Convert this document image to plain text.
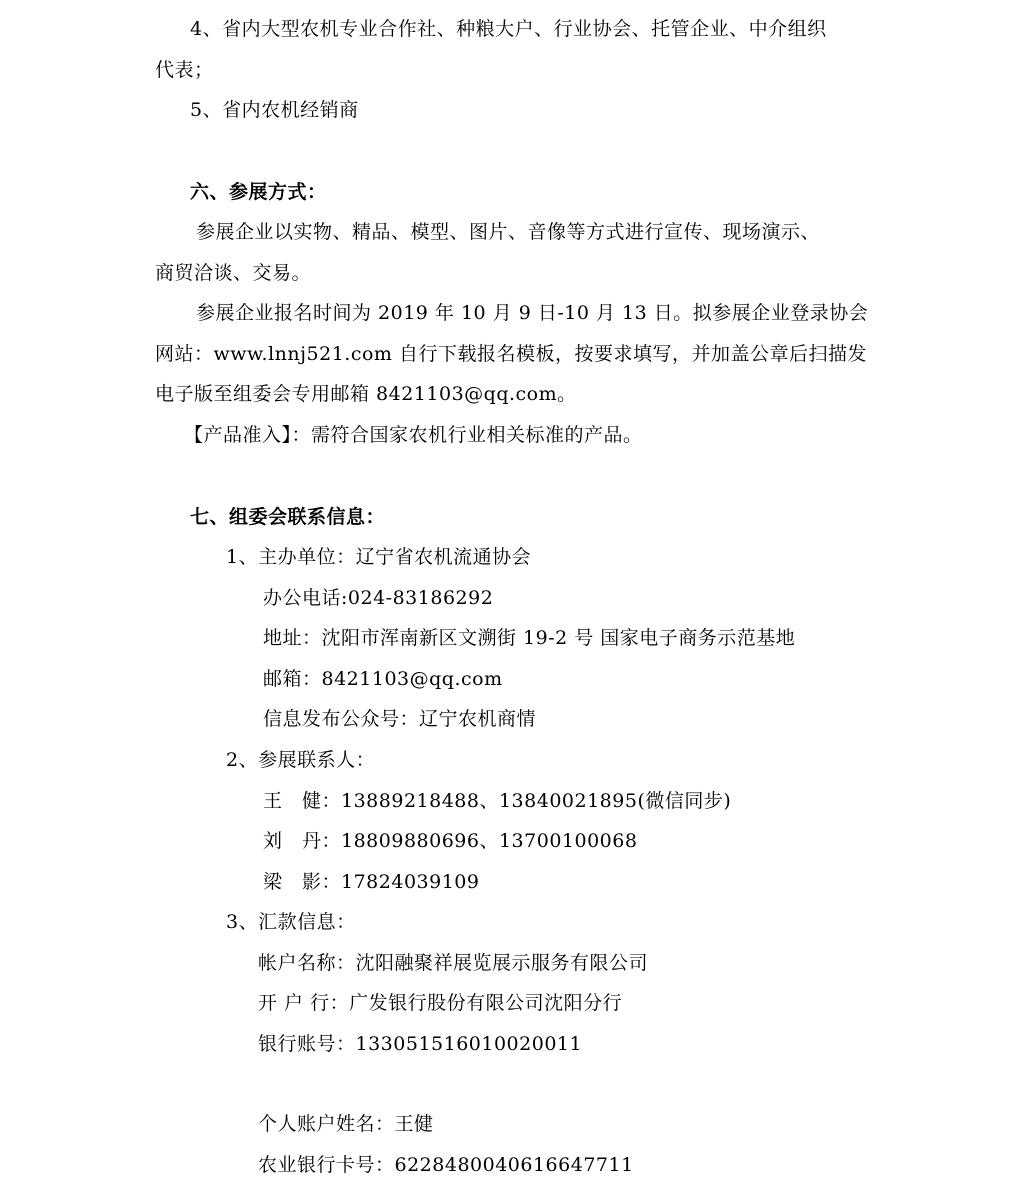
4、省内大型农机专业合作社、种粮大户、行业协会、托管企业、中介组织
代表；
5、省内农机经销商
六、参展方式：
参展企业以实物、精品、模型、图片、音像等方式进行宣传、现场演示、
商贸洽谈、交易。
参展企业报名时间为 2019 年 10 月 9 日-10 月 13 日。拟参展企业登录协会
网站：www.lnnj521.com 自行下载报名模板，按要求填写，并加盖公章后扫描发
电子版至组委会专用邮箱 8421103@qq.com。
【产品准入】：需符合国家农机行业相关标准的产品。
七、组委会联系信息：
1、主办单位：辽宁省农机流通协会
办公电话:024-83186292
地址：沈阳市浑南新区文溯街 19-2 号 国家电子商务示范基地
邮箱：8421103@qq.com
信息发布公众号：辽宁农机商情
2、参展联系人：
王　健：13889218488、13840021895(微信同步)
刘　丹：18809880696、13700100068
梁　影：17824039109
3、汇款信息：
帐户名称：沈阳融聚祥展览展示服务有限公司
开 户 行：广发银行股份有限公司沈阳分行
银行账号：133051516010020011
个人账户姓名：王健
农业银行卡号：6228480040616647711
